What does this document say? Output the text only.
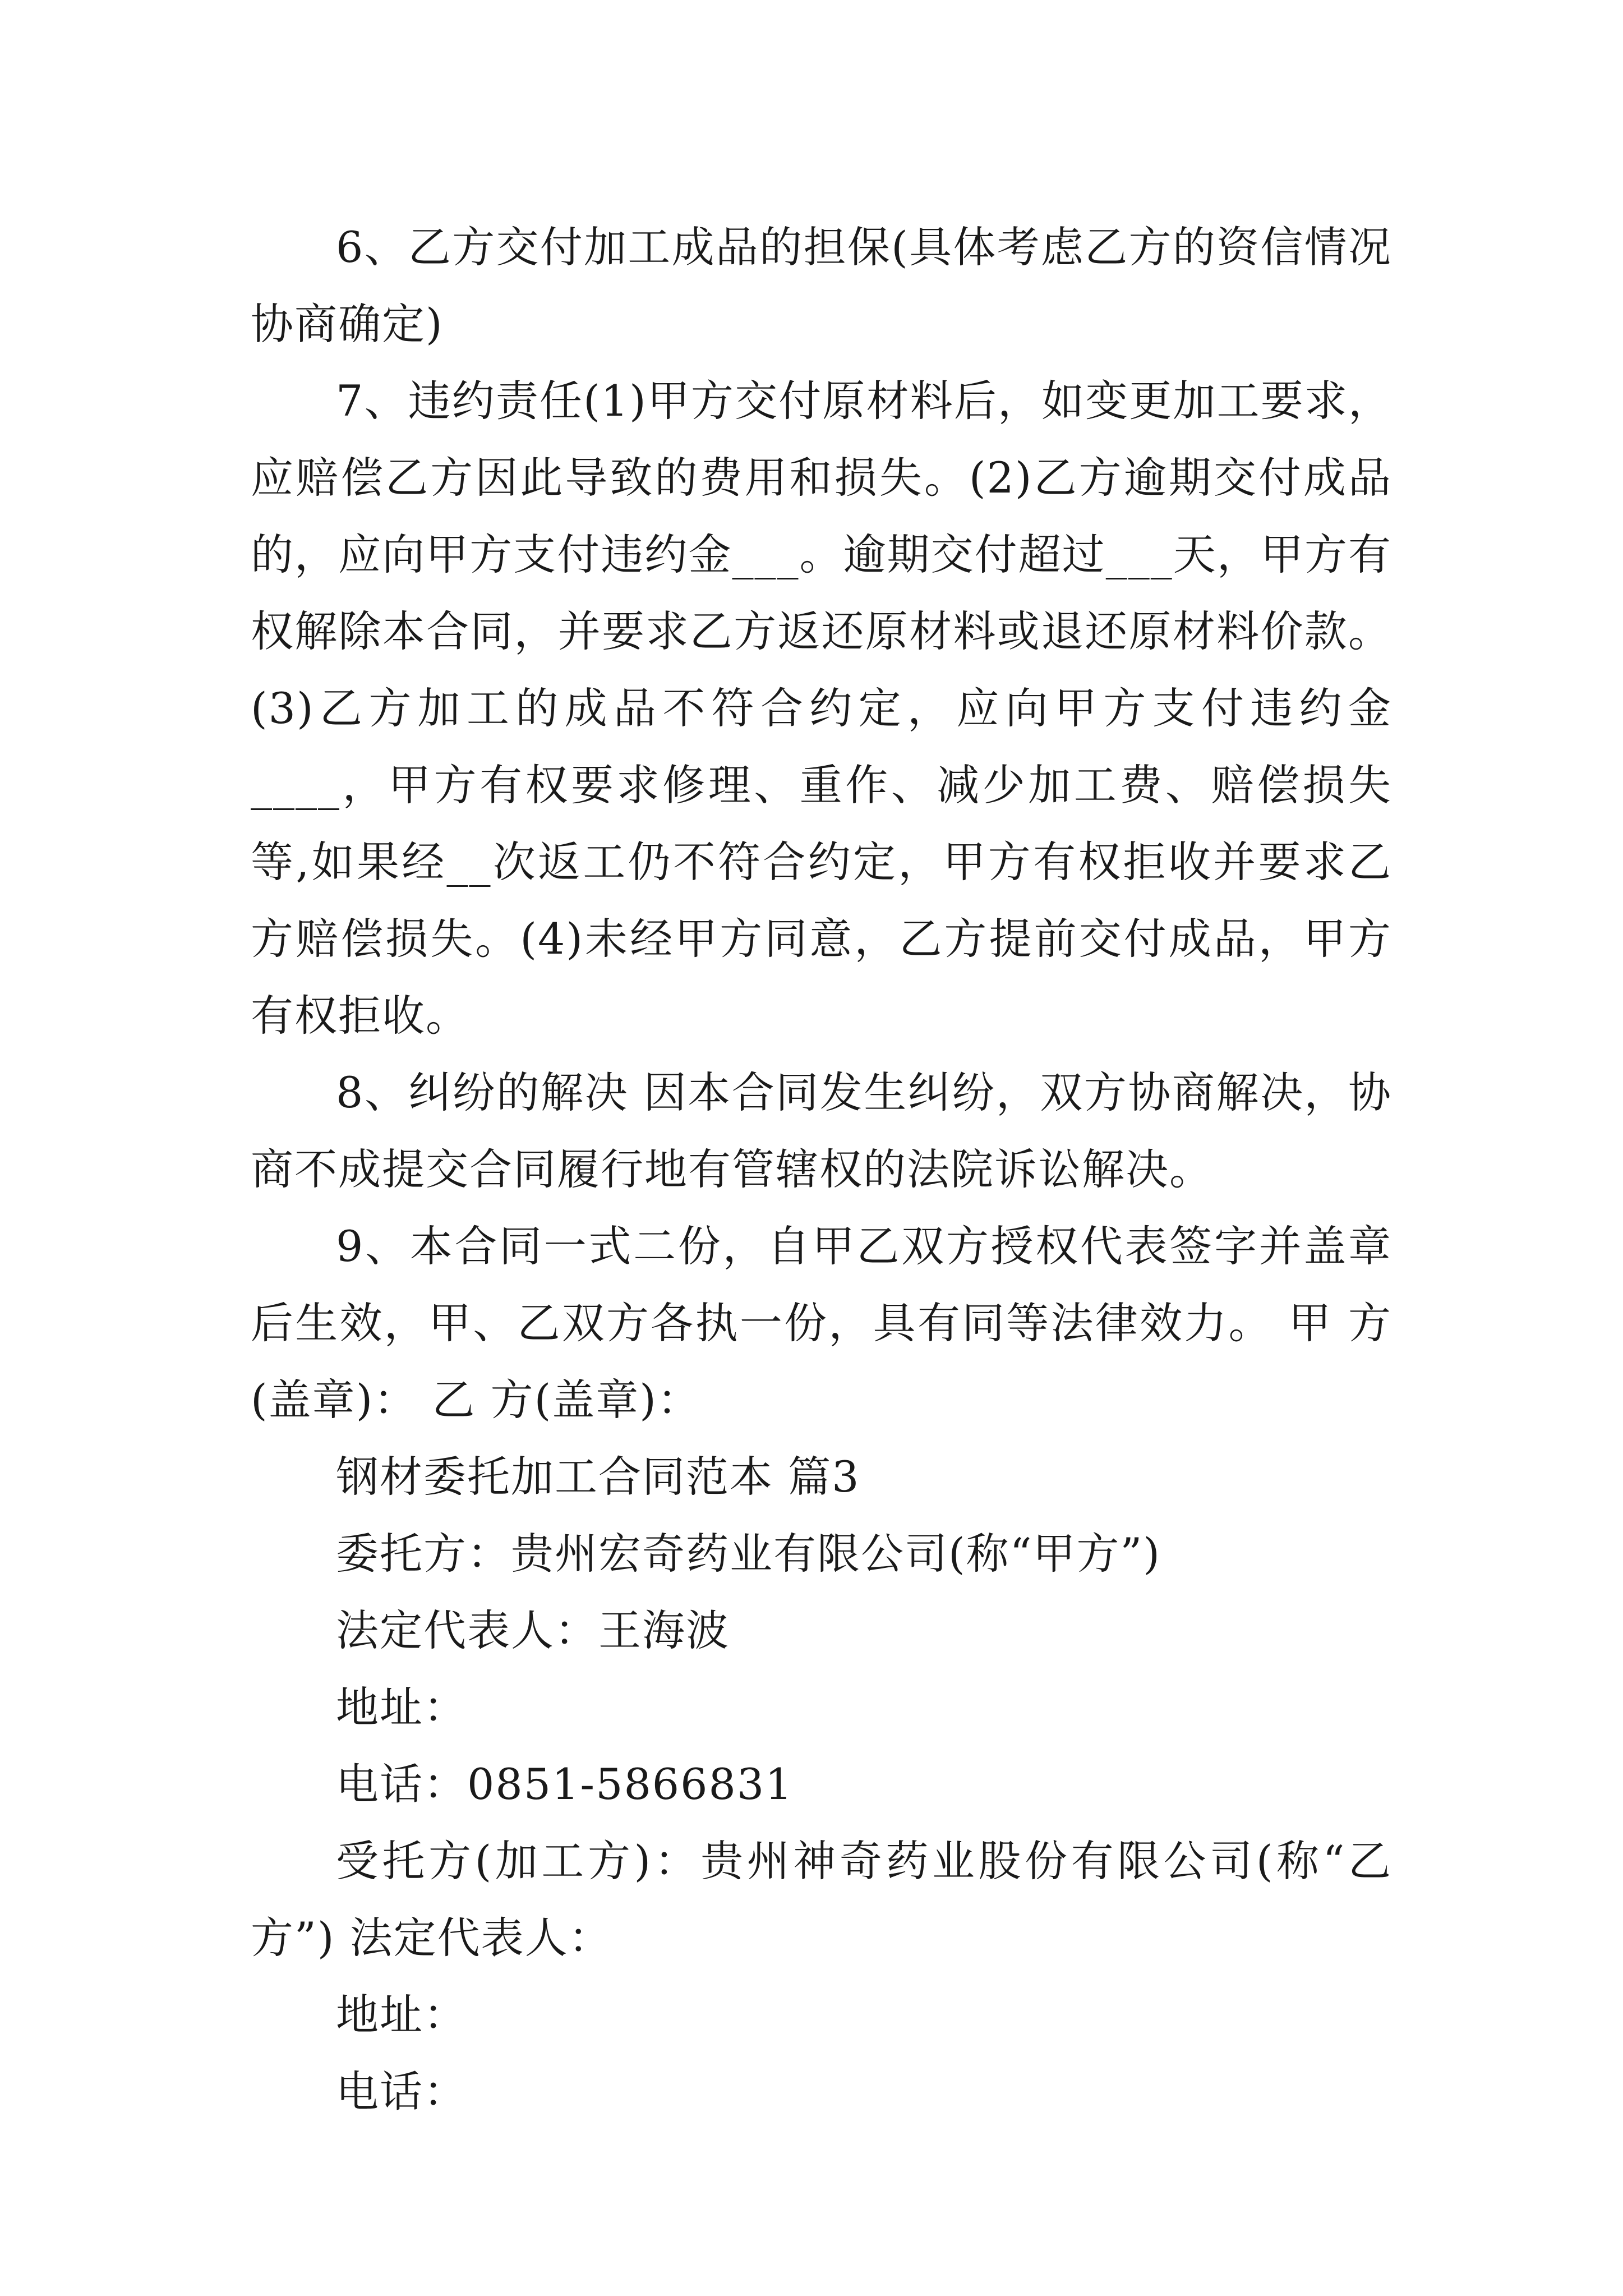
6、乙方交付加工成品的担保(具体考虑乙方的资信情况协商确定)

7、违约责任(1)甲方交付原材料后，如变更加工要求，应赔偿乙方因此导致的费用和损失。(2)乙方逾期交付成品的，应向甲方支付违约金___。逾期交付超过___天，甲方有权解除本合同，并要求乙方返还原材料或退还原材料价款。(3)乙方加工的成品不符合约定，应向甲方支付违约金____，甲方有权要求修理、重作、减少加工费、赔偿损失等,如果经__次返工仍不符合约定，甲方有权拒收并要求乙方赔偿损失。(4)未经甲方同意，乙方提前交付成品，甲方有权拒收。

8、纠纷的解决 因本合同发生纠纷，双方协商解决，协商不成提交合同履行地有管辖权的法院诉讼解决。

9、本合同一式二份，自甲乙双方授权代表签字并盖章后生效，甲、乙双方各执一份，具有同等法律效力。 甲 方(盖章)： 乙 方(盖章)：

钢材委托加工合同范本 篇3

委托方：贵州宏奇药业有限公司(称“甲方”)

法定代表人：王海波

地址：

电话：0851-5866831

受托方(加工方)：贵州神奇药业股份有限公司(称“乙方”) 法定代表人：

地址：

电话：
